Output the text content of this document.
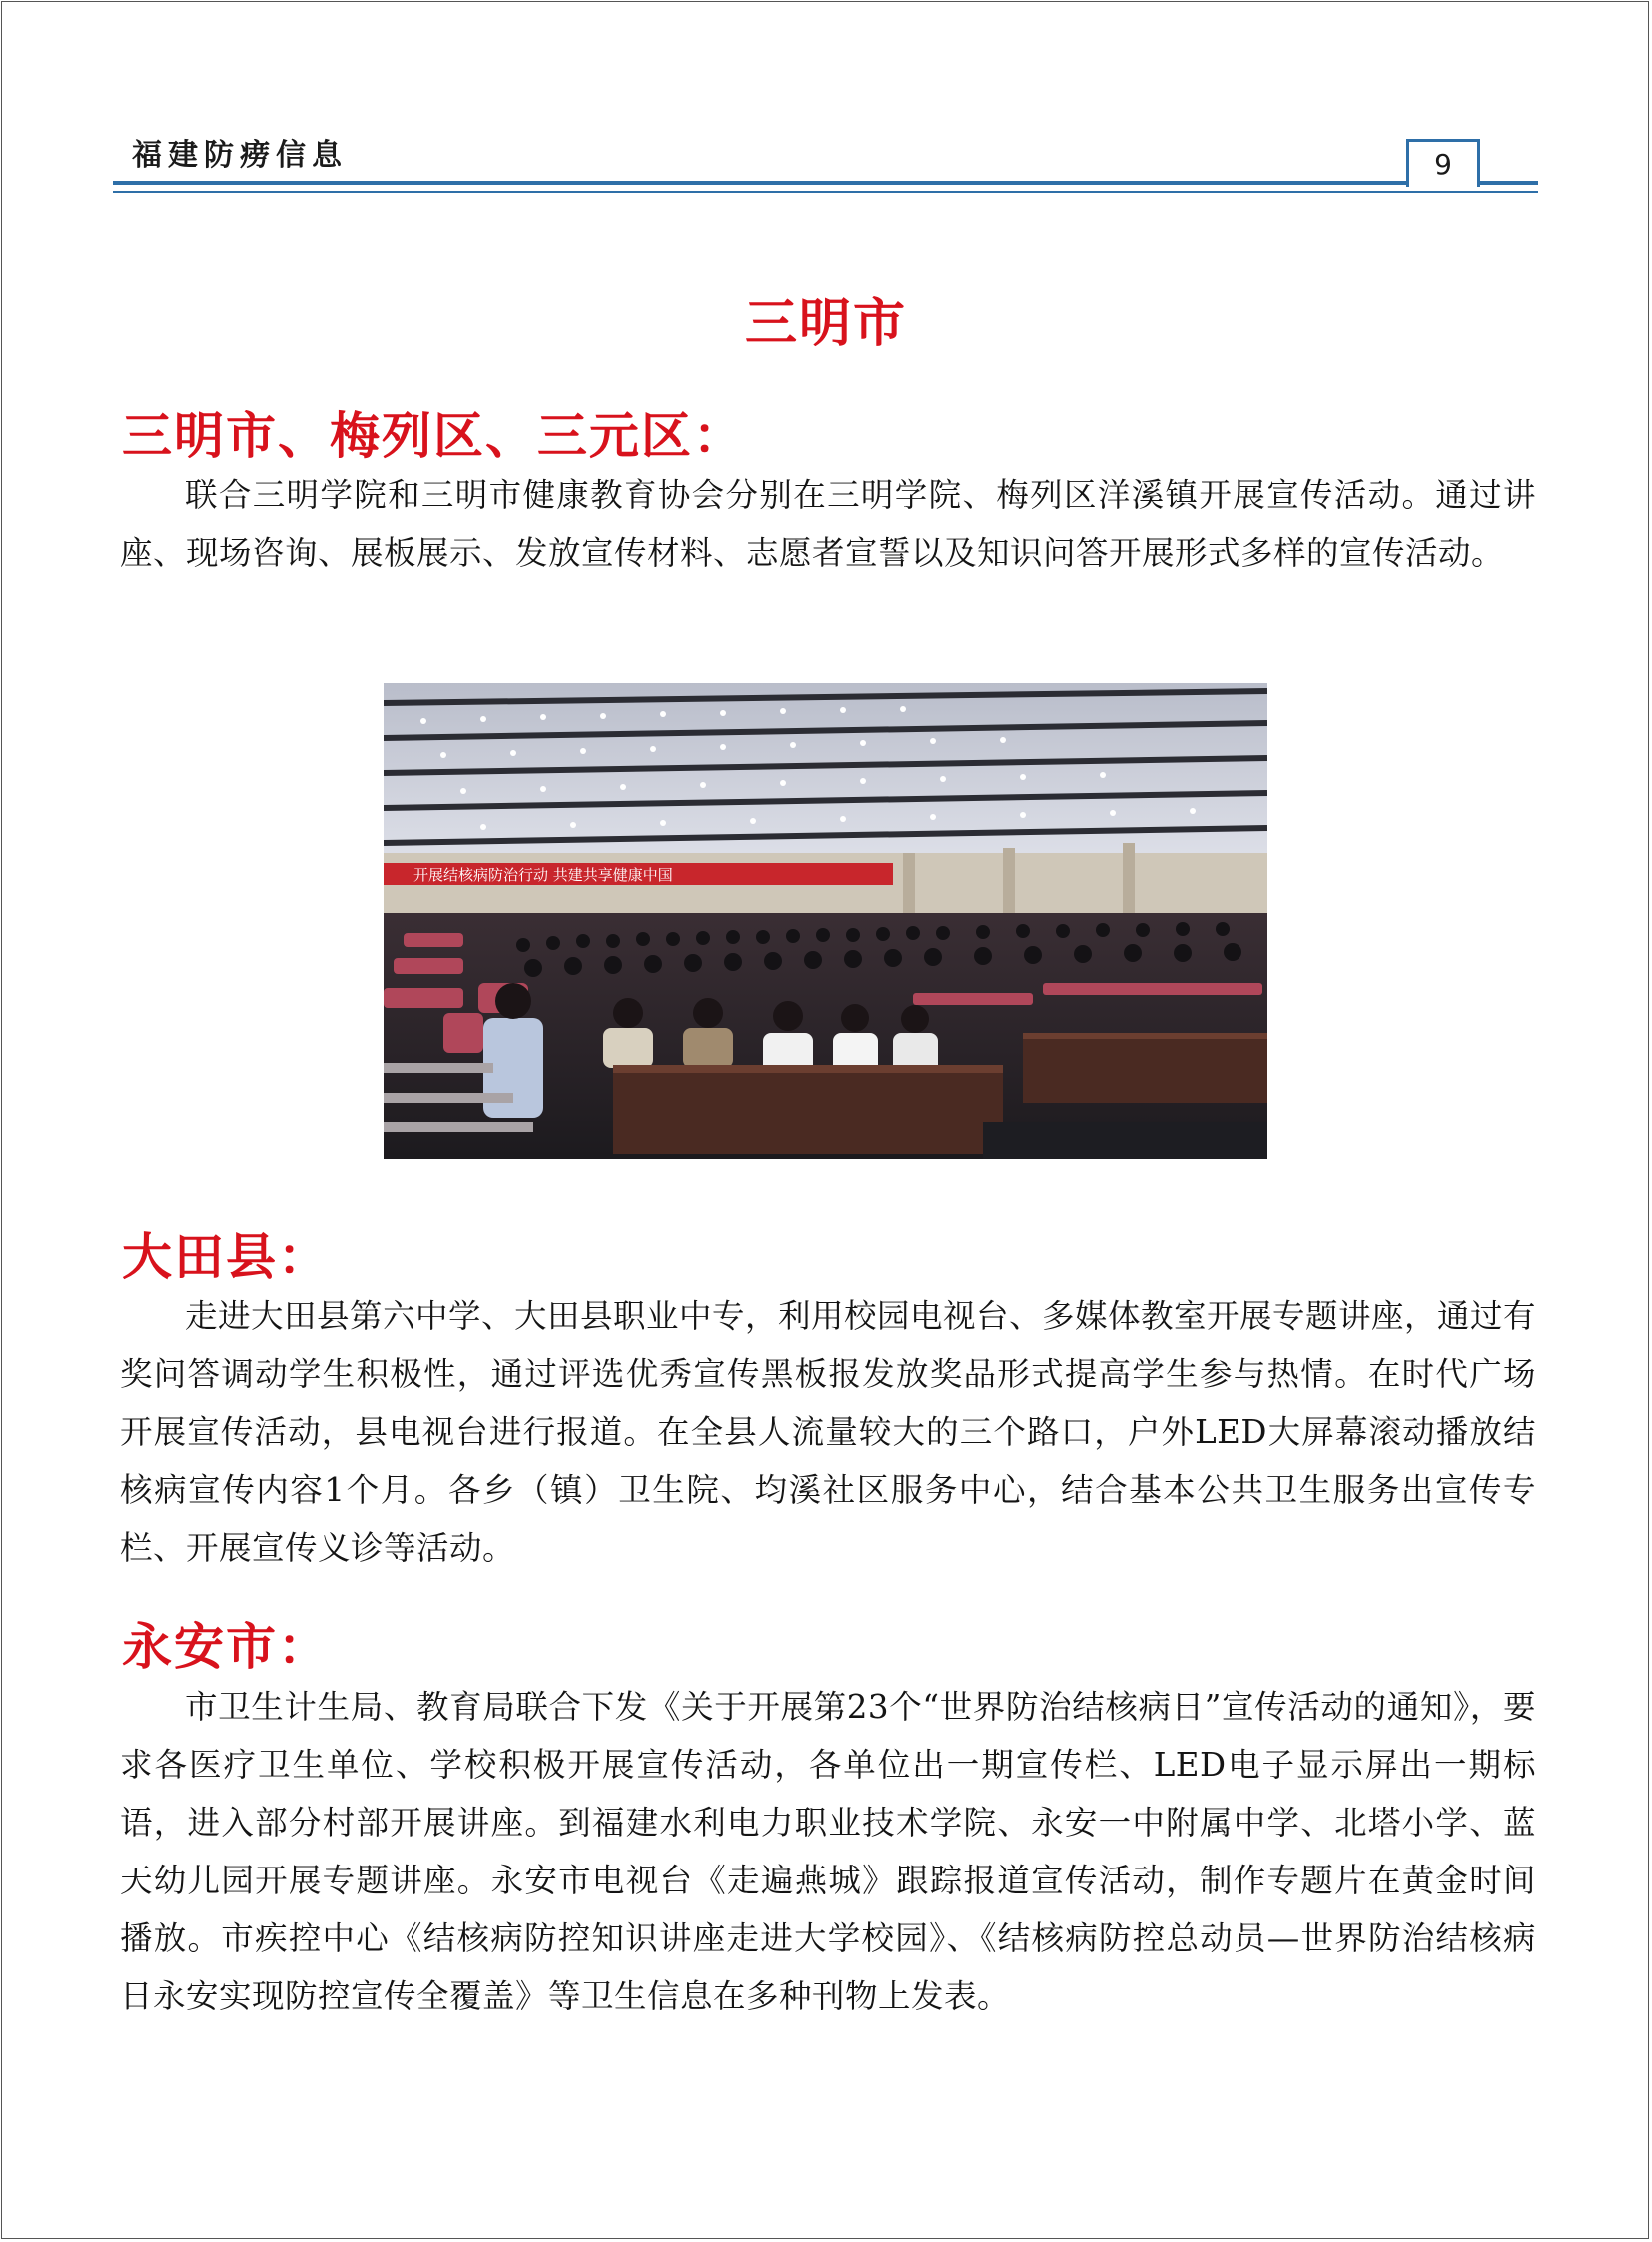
福建防痨信息	9
三明市
三明市、梅列区、三元区：

联合三明学院和三明市健康教育协会分别在三明学院、梅列区洋溪镇开展宣传活动。通过讲座、现场咨询、展板展示、发放宣传材料、志愿者宣誓以及知识问答开展形式多样的宣传活动。

开展结核病防治行动 共建共享健康中国
大田县：

走进大田县第六中学、大田县职业中专，利用校园电视台、多媒体教室开展专题讲座，通过有奖问答调动学生积极性，通过评选优秀宣传黑板报发放奖品形式提高学生参与热情。在时代广场开展宣传活动，县电视台进行报道。在全县人流量较大的三个路口，户外LED大屏幕滚动播放结核病宣传内容1个月。各乡（镇）卫生院、均溪社区服务中心，结合基本公共卫生服务出宣传专栏、开展宣传义诊等活动。

永安市：

市卫生计生局、教育局联合下发《关于开展第23个“世界防治结核病日”宣传活动的通知》，要求各医疗卫生单位、学校积极开展宣传活动，各单位出一期宣传栏、LED电子显示屏出一期标语，进入部分村部开展讲座。到福建水利电力职业技术学院、永安一中附属中学、北塔小学、蓝天幼儿园开展专题讲座。永安市电视台《走遍燕城》跟踪报道宣传活动，制作专题片在黄金时间播放。市疾控中心《结核病防控知识讲座走进大学校园》、《结核病防控总动员—世界防治结核病日永安实现防控宣传全覆盖》等卫生信息在多种刊物上发表。
